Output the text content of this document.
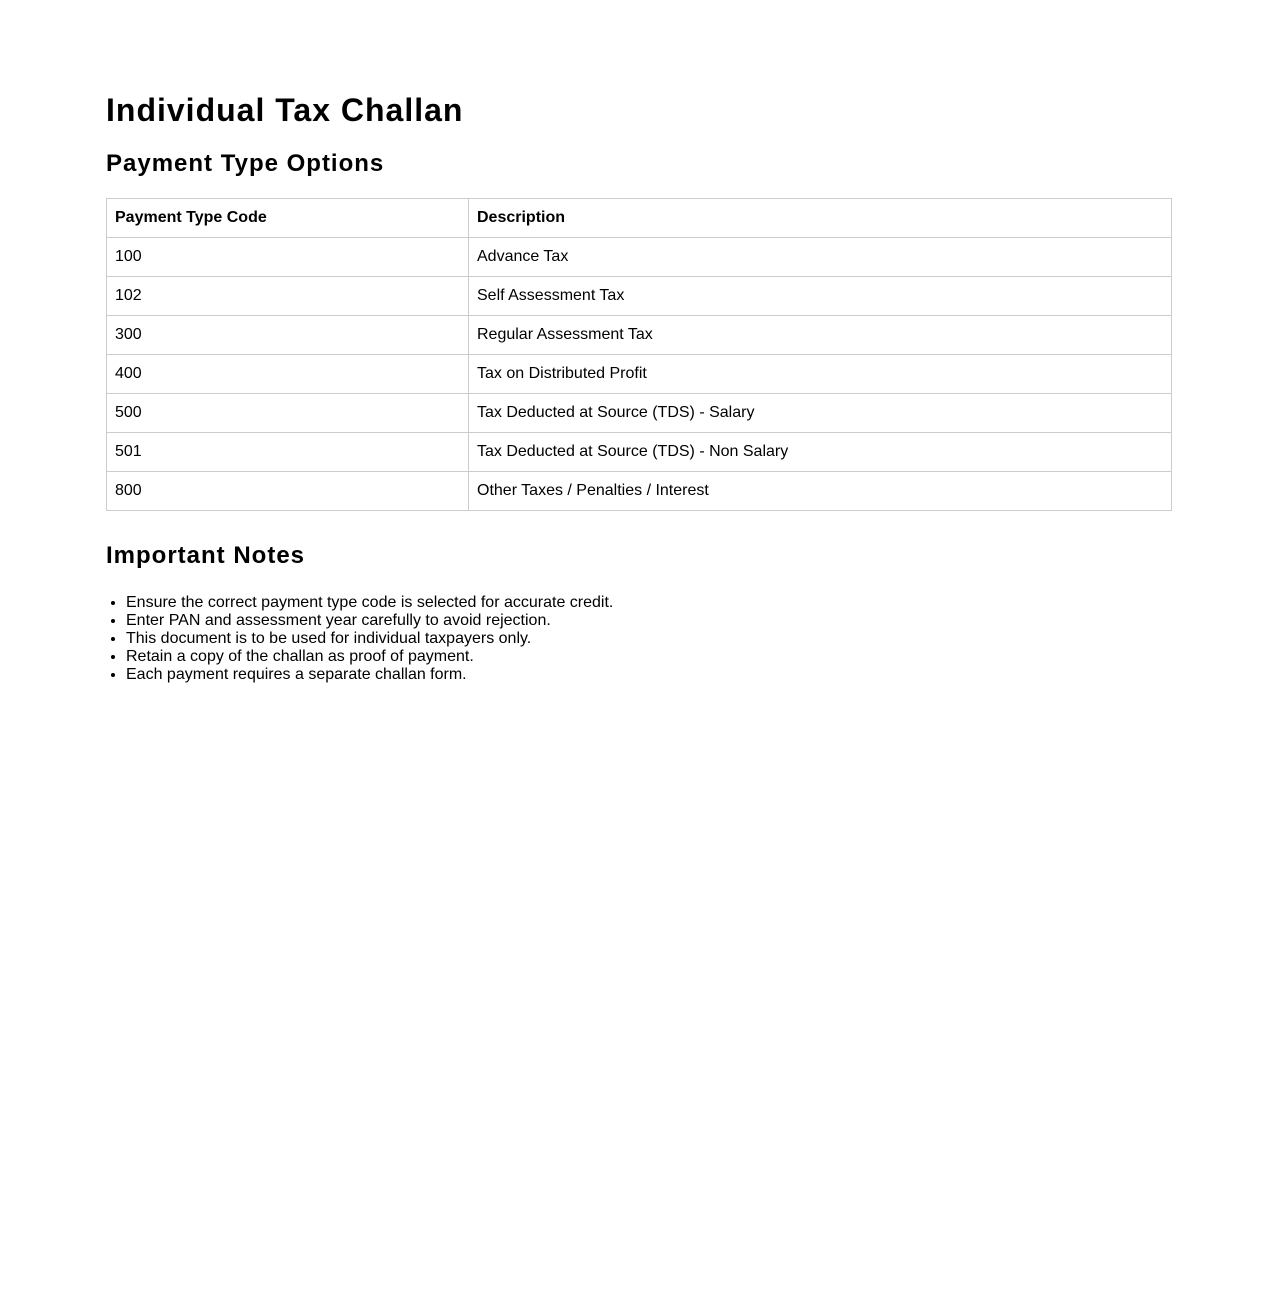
Individual Tax Challan
Payment Type Options
Payment Type Code	Description
100	Advance Tax
102	Self Assessment Tax
300	Regular Assessment Tax
400	Tax on Distributed Profit
500	Tax Deducted at Source (TDS) - Salary
501	Tax Deducted at Source (TDS) - Non Salary
800	Other Taxes / Penalties / Interest
Important Notes
• Ensure the correct payment type code is selected for accurate credit.
• Enter PAN and assessment year carefully to avoid rejection.
• This document is to be used for individual taxpayers only.
• Retain a copy of the challan as proof of payment.
• Each payment requires a separate challan form.
